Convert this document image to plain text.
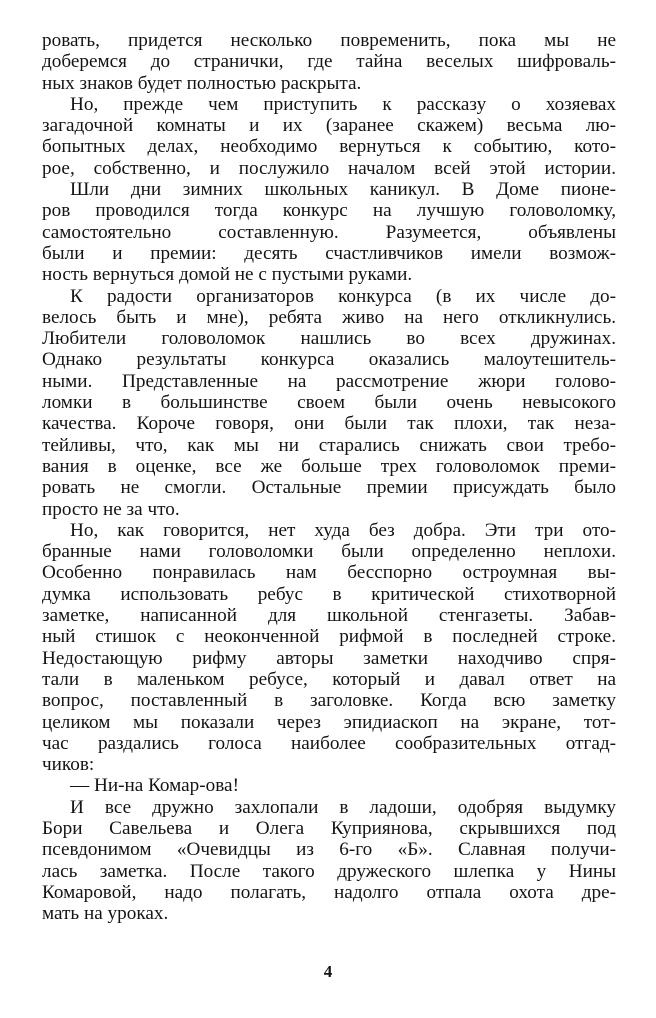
ровать, придется несколько повременить, пока мы не
доберемся до странички, где тайна веселых шифроваль-
ных знаков будет полностью раскрыта.
Но, прежде чем приступить к рассказу о хозяевах
загадочной комнаты и их (заранее скажем) весьма лю-
бопытных делах, необходимо вернуться к событию, кото-
рое, собственно, и послужило началом всей этой истории.
Шли дни зимних школьных каникул. В Доме пионе-
ров проводился тогда конкурс на лучшую головоломку,
самостоятельно составленную. Разумеется, объявлены
были и премии: десять счастливчиков имели возмож-
ность вернуться домой не с пустыми руками.
К радости организаторов конкурса (в их числе до-
велось быть и мне), ребята живо на него откликнулись.
Любители головоломок нашлись во всех дружинах.
Однако результаты конкурса оказались малоутешитель-
ными. Представленные на рассмотрение жюри голово-
ломки в большинстве своем были очень невысокого
качества. Короче говоря, они были так плохи, так неза-
тейливы, что, как мы ни старались снижать свои требо-
вания в оценке, все же больше трех головоломок преми-
ровать не смогли. Остальные премии присуждать было
просто не за что.
Но, как говорится, нет худа без добра. Эти три ото-
бранные нами головоломки были определенно неплохи.
Особенно понравилась нам бесспорно остроумная вы-
думка использовать ребус в критической стихотворной
заметке, написанной для школьной стенгазеты. Забав-
ный стишок с неоконченной рифмой в последней строке.
Недостающую рифму авторы заметки находчиво спря-
тали в маленьком ребусе, который и давал ответ на
вопрос, поставленный в заголовке. Когда всю заметку
целиком мы показали через эпидиаскоп на экране, тот-
час раздались голоса наиболее сообразительных отгад-
чиков:
— Ни-на Комар-ова!
И все дружно захлопали в ладоши, одобряя выдумку
Бори Савельева и Олега Куприянова, скрывшихся под
псевдонимом «Очевидцы из 6-го «Б». Славная получи-
лась заметка. После такого дружеского шлепка у Нины
Комаровой, надо полагать, надолго отпала охота дре-
мать на уроках.
4
